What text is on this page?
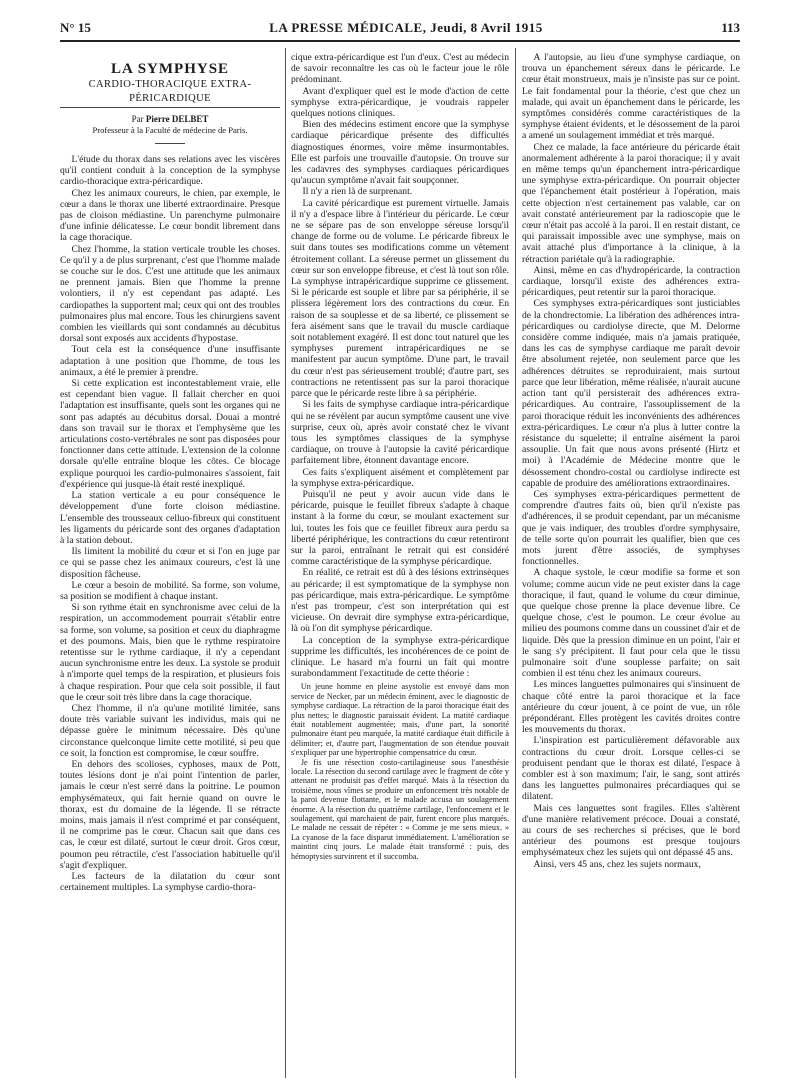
N° 15	LA PRESSE MÉDICALE, Jeudi, 8 Avril 1915	113
LA SYMPHYSE
CARDIO-THORACIQUE EXTRA-PÉRICARDIQUE
Par Pierre DELBET
Professeur à la Faculté de médecine de Paris.

L'étude du thorax dans ses relations avec les viscères qu'il contient conduit à la conception de la symphyse cardio-thoracique extra-péricardique.

Chez les animaux coureurs, le chien, par exemple, le cœur a dans le thorax une liberté extraordinaire. Presque pas de cloison médiastine. Un parenchyme pulmonaire d'une infinie délicatesse. Le cœur bondit librement dans la cage thoracique.

Chez l'homme, la station verticale trouble les choses. Ce qu'il y a de plus surprenant, c'est que l'homme malade se couche sur le dos. C'est une attitude que les animaux ne prennent jamais. Bien que l'homme la prenne volontiers, il n'y est cependant pas adapté. Les cardiopathes la supportent mal; ceux qui ont des troubles pulmonaires plus mal encore. Tous les chirurgiens savent combien les vieillards qui sont condamnés au décubitus dorsal sont exposés aux accidents d'hypostase.

Tout cela est la conséquence d'une insuffisante adaptation à une position que l'homme, de tous les animaux, a été le premier à prendre.

Si cette explication est incontestablement vraie, elle est cependant bien vague. Il fallait chercher en quoi l'adaptation est insuffisante, quels sont les organes qui ne sont pas adaptés au décubitus dorsal. Douai a montré dans son travail sur le thorax et l'emphysème que les articulations costo-vertébrales ne sont pas disposées pour fonctionner dans cette attitude. L'extension de la colonne dorsale qu'elle entraîne bloque les côtes. Ce blocage explique pourquoi les cardio-pulmonaires s'assoient, fait d'expérience qui jusque-là était resté inexpliqué.

La station verticale a eu pour conséquence le développement d'une forte cloison médiastine. L'ensemble des trousseaux celluo-fibreux qui constituent les ligaments du péricarde sont des organes d'adaptation à la station debout.

Ils limitent la mobilité du cœur et si l'on en juge par ce qui se passe chez les animaux coureurs, c'est là une disposition fâcheuse.

Le cœur a besoin de mobilité. Sa forme, son volume, sa position se modifient à chaque instant.

Si son rythme était en synchronisme avec celui de la respiration, un accommodement pourrait s'établir entre sa forme, son volume, sa position et ceux du diaphragme et des poumons. Mais, bien que le rythme respiratoire retentisse sur le rythme cardiaque, il n'y a cependant aucun synchronisme entre les deux. La systole se produit à n'importe quel temps de la respiration, et plusieurs fois à chaque respiration. Pour que cela soit possible, il faut que le cœur soit très libre dans la cage thoracique.

Chez l'homme, il n'a qu'une motilité limitée, sans doute très variable suivant les individus, mais qui ne dépasse guère le minimum nécessaire. Dès qu'une circonstance quelconque limite cette motilité, si peu que ce soit, la fonction est compromise, le cœur souffre.

En dehors des scolioses, cyphoses, maux de Pott, toutes lésions dont je n'ai point l'intention de parler, jamais le cœur n'est serré dans la poitrine. Le poumon emphysémateux, qui fait hernie quand on ouvre le thorax, est du domaine de la légende. Il se rétracte moins, mais jamais il n'est comprimé et par conséquent, il ne comprime pas le cœur. Chacun sait que dans ces cas, le cœur est dilaté, surtout le cœur droit. Gros cœur, poumon peu rétractile, c'est l'association habituelle qu'il s'agit d'expliquer.

Les facteurs de la dilatation du cœur sont certainement multiples. La symphyse cardio-thora-

cique extra-péricardique est l'un d'eux. C'est au médecin de savoir reconnaître les cas où le facteur joue le rôle prédominant.

Avant d'expliquer quel est le mode d'action de cette symphyse extra-péricardique, je voudrais rappeler quelques notions cliniques.

Bien des médecins estiment encore que la symphyse cardiaque péricardique présente des difficultés diagnostiques énormes, voire même insurmontables. Elle est parfois une trouvaille d'autopsie. On trouve sur les cadavres des symphyses cardiaques péricardiques qu'aucun symptôme n'avait fait soupçonner.

Il n'y a rien là de surprenant.

La cavité péricardique est purement virtuelle. Jamais il n'y a d'espace libre à l'intérieur du péricarde. Le cœur ne se sépare pas de son enveloppe séreuse lorsqu'il change de forme ou de volume. Le péricarde fibreux le suit dans toutes ses modifications comme un vêtement étroitement collant. La séreuse permet un glissement du cœur sur son enveloppe fibreuse, et c'est là tout son rôle. La symphyse intrapéricardique supprime ce glissement. Si le péricarde est souple et libre par sa périphérie, il se plissera légèrement lors des contractions du cœur. En raison de sa souplesse et de sa liberté, ce plissement se fera aisément sans que le travail du muscle cardiaque soit notablement exagéré. Il est donc tout naturel que les symphyses purement intrapéricardiques ne se manifestent par aucun symptôme. D'une part, le travail du cœur n'est pas sérieusement troublé; d'autre part, ses contractions ne retentissent pas sur la paroi thoracique parce que le péricarde reste libre à sa périphérie.

Si les faits de symphyse cardiaque intra-péricardique qui ne se révèlent par aucun symptôme causent une vive surprise, ceux où, après avoir constaté chez le vivant tous les symptômes classiques de la symphyse cardiaque, on trouve à l'autopsie la cavité péricardique parfaitement libre, étonnent davantage encore.

Ces faits s'expliquent aisément et complètement par la symphyse extra-péricardique.

Puisqu'il ne peut y avoir aucun vide dans le péricarde, puisque le feuillet fibreux s'adapte à chaque instant à la forme du cœur, se moulant exactement sur lui, toutes les fois que ce feuillet fibreux aura perdu sa liberté périphérique, les contractions du cœur retentiront sur la paroi, entraînant le retrait qui est considéré comme caractéristique de la symphyse péricardique.

En réalité, ce retrait est dû à des lésions extrinsèques au péricarde; il est symptomatique de la symphyse non pas péricardique, mais extra-péricardique. Le symptôme n'est pas trompeur, c'est son interprétation qui est vicieuse. On devrait dire symphyse extra-péricardique, là où l'on dit symphyse péricardique.

La conception de la symphyse extra-péricardique supprime les difficultés, les incohérences de ce point de clinique. Le hasard m'a fourni un fait qui montre surabondamment l'exactitude de cette théorie :

Un jeune homme en pleine asystolie est envoyé dans mon service de Necker, par un médecin éminent, avec le diagnostic de symphyse cardiaque. La rétraction de la paroi thoracique était des plus nettes; le diagnostic paraissait évident. La matité cardiaque était notablement augmentée; mais, d'une part, la sonorité pulmonaire étant peu marquée, la matité cardiaque était difficile à délimiter; et, d'autre part, l'augmentation de son étendue pouvait s'expliquer par une hypertrophie compensatrice du cœur.

Je fis une résection costo-cartilagineuse sous l'anesthésie locale. La résection du second cartilage avec le fragment de côte y attenant ne produisit pas d'effet marqué. Mais à la résection du troisième, nous vîmes se produire un enfoncement très notable de la paroi devenue flottante, et le malade accusa un soulagement énorme. A la résection du quatrième cartilage, l'enfoncement et le soulagement, qui marchaient de pair, furent encore plus marqués. Le malade ne cessait de répéter : « Comme je me sens mieux. » La cyanose de la face disparut immédiatement. L'amélioration se maintint cinq jours. Le malade était transformé : puis, des hémoptysies survinrent et il succomba.

A l'autopsie, au lieu d'une symphyse cardiaque, on trouva un épanchement séreux dans le péricarde. Le cœur était monstrueux, mais je n'insiste pas sur ce point. Le fait fondamental pour la théorie, c'est que chez un malade, qui avait un épanchement dans le péricarde, les symptômes considérés comme caractéristiques de la symphyse étaient évidents, et le désossement de la paroi a amené un soulagement immédiat et très marqué.

Chez ce malade, la face antérieure du péricarde était anormalement adhérente à la paroi thoracique; il y avait en même temps qu'un épanchement intra-péricardique une symphyse extra-péricardique. On pourrait objecter que l'épanchement était postérieur à l'opération, mais cette objection n'est certainement pas valable, car on avait constaté antérieurement par la radioscopie que le cœur n'était pas accolé à la paroi. Il en restait distant, ce qui paraissait impossible avec une symphyse, mais on avait attaché plus d'importance à la clinique, à la rétraction pariétale qu'à la radiographie.

Ainsi, même en cas d'hydropéricarde, la contraction cardiaque, lorsqu'il existe des adhérences extra-péricardiques, peut retentir sur la paroi thoracique.

Ces symphyses extra-péricardiques sont justiciables de la chondrectomie. La libération des adhérences intra-péricardiques ou cardiolyse directe, que M. Delorme considère comme indiquée, mais n'a jamais pratiquée, dans les cas de symphyse cardiaque me paraît devoir être absolument rejetée, non seulement parce que les adhérences détruites se reproduiraient, mais surtout parce que leur libération, même réalisée, n'aurait aucune action tant qu'il persisterait des adhérences extra-péricardiques. Au contraire, l'assouplissement de la paroi thoracique réduit les inconvénients des adhérences extra-péricardiques. Le cœur n'a plus à lutter contre la résistance du squelette; il entraîne aisément la paroi assouplie. Un fait que nous avons présenté (Hirtz et moi) à l'Académie de Médecine montre que le désossement chondro-costal ou cardiolyse indirecte est capable de produire des améliorations extraordinaires.

Ces symphyses extra-péricardiques permettent de comprendre d'autres faits où, bien qu'il n'existe pas d'adhérences, il se produit cependant, par un mécanisme que je vais indiquer, des troubles d'ordre symphysaire, de telle sorte qu'on pourrait les qualifier, bien que ces mots jurent d'être associés, de symphyses fonctionnelles.

A chaque systole, le cœur modifie sa forme et son volume; comme aucun vide ne peut exister dans la cage thoracique, il faut, quand le volume du cœur diminue, que quelque chose prenne la place devenue libre. Ce quelque chose, c'est le poumon. Le cœur évolue au milieu des poumons comme dans un coussinet d'air et de liquide. Dès que la pression diminue en un point, l'air et le sang s'y précipitent. Il faut pour cela que le tissu pulmonaire soit d'une souplesse parfaite; on sait combien il est ténu chez les animaux coureurs.

Les minces languettes pulmonaires qui s'insinuent de chaque côté entre la paroi thoracique et la face antérieure du cœur jouent, à ce point de vue, un rôle prépondérant. Elles protègent les cavités droites contre les mouvements du thorax.

L'inspiration est particulièrement défavorable aux contractions du cœur droit. Lorsque celles-ci se produisent pendant que le thorax est dilaté, l'espace à combler est à son maximum; l'air, le sang, sont attirés dans les languettes pulmonaires précardiaques qui se dilatent.

Mais ces languettes sont fragiles. Elles s'altèrent d'une manière relativement précoce. Douai a constaté, au cours de ses recherches si précises, que le bord antérieur des poumons est presque toujours emphysémateux chez les sujets qui ont dépassé 45 ans.

Ainsi, vers 45 ans, chez les sujets normaux,
